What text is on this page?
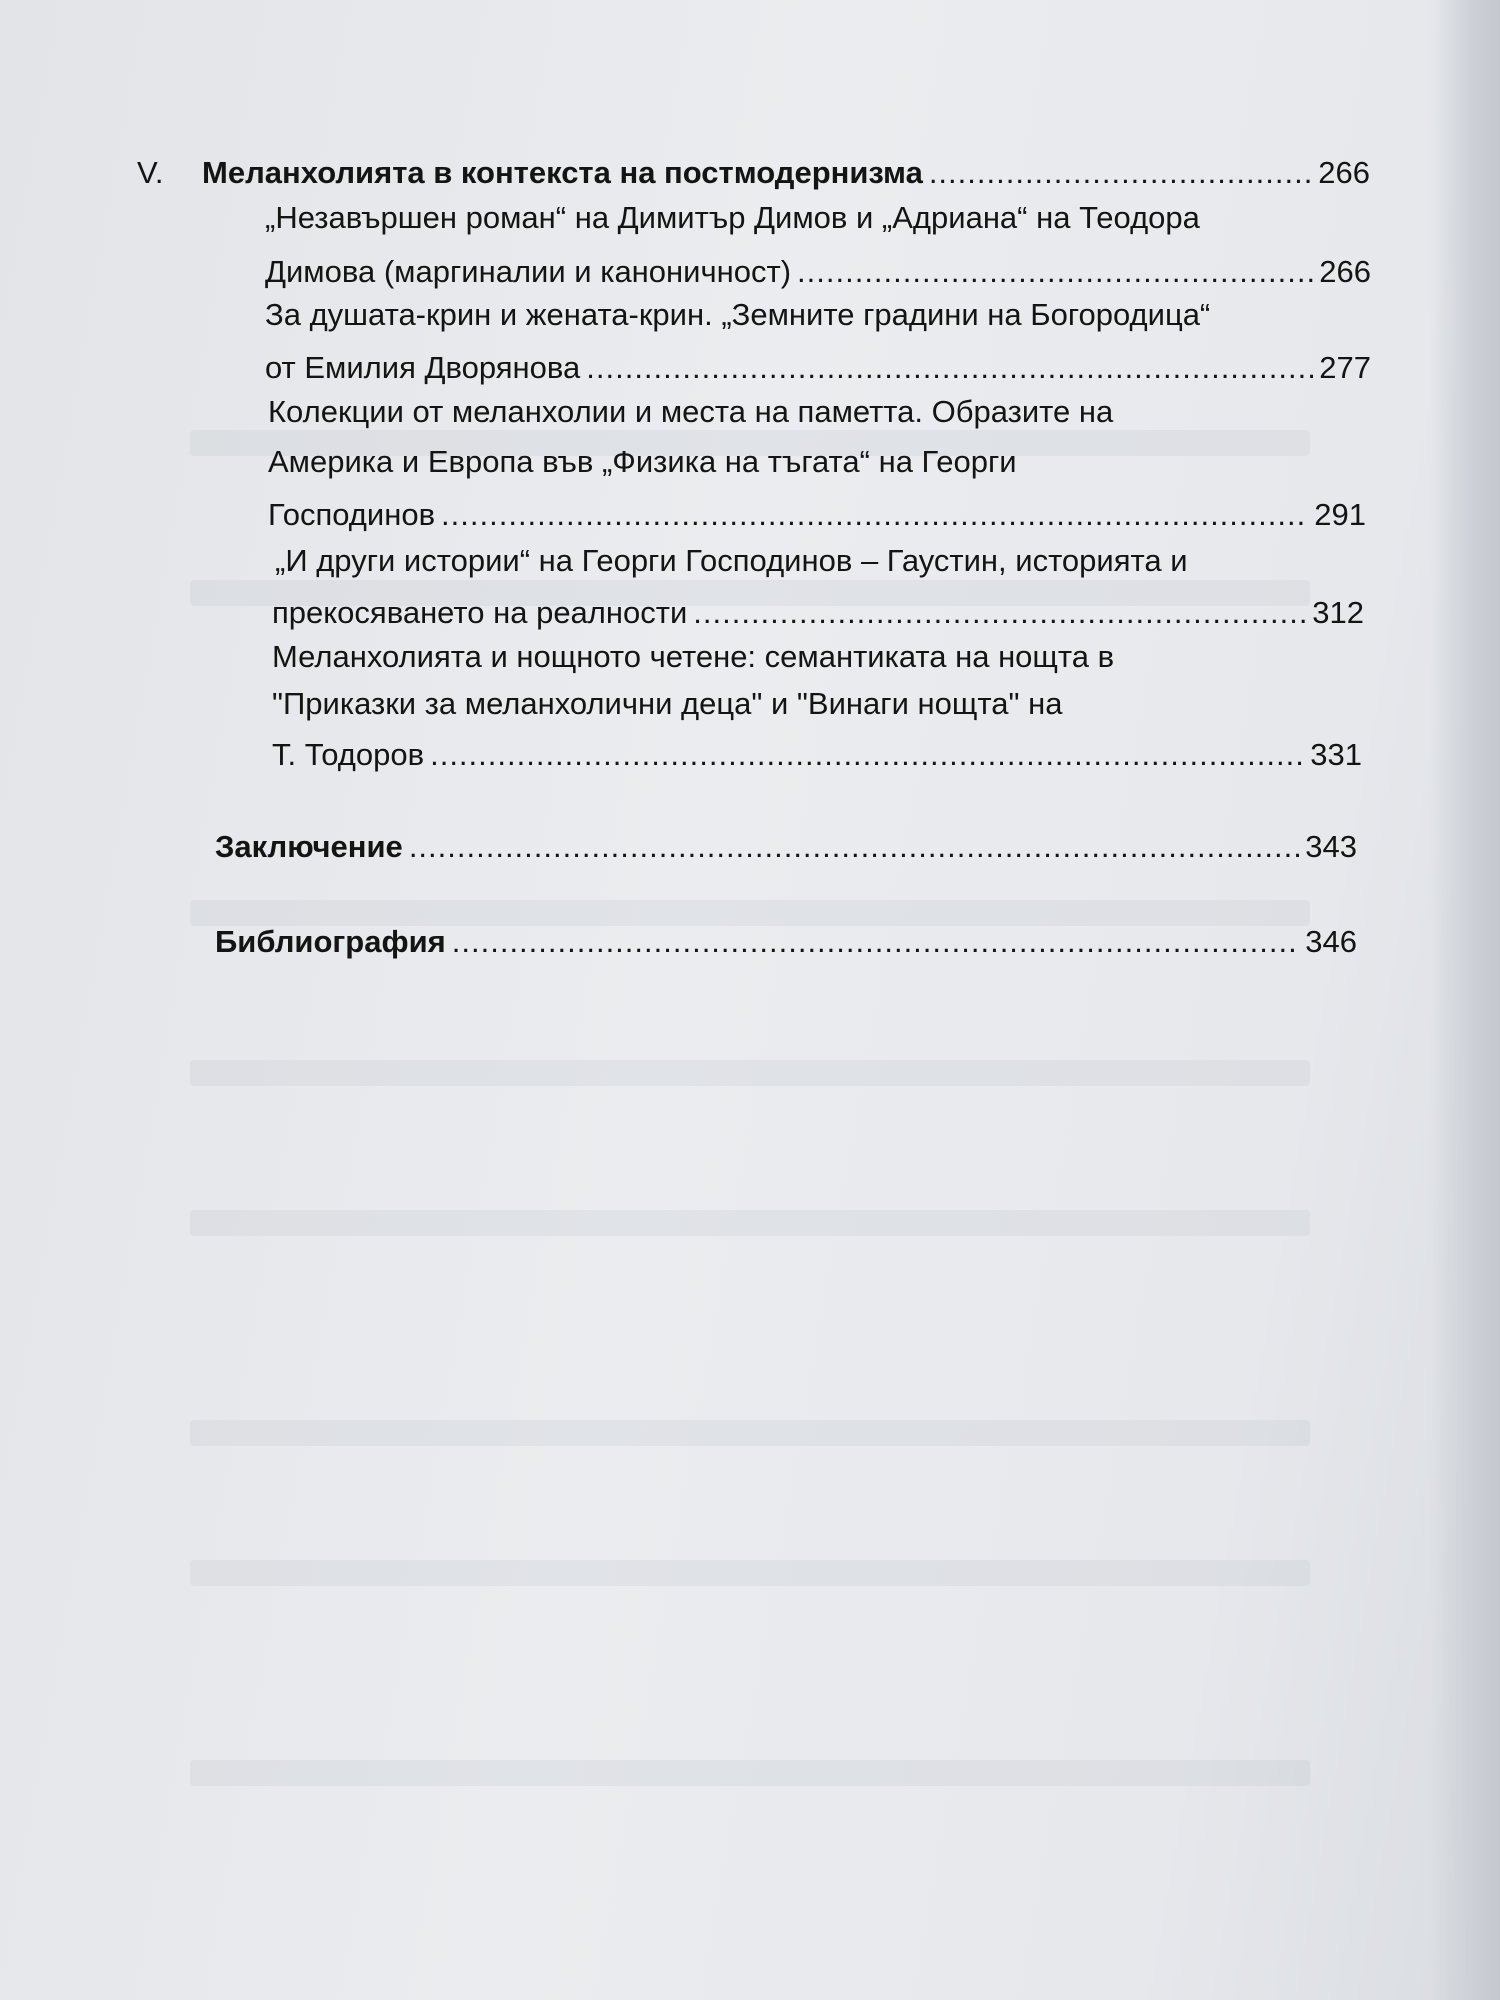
V. Меланхолията в контекста на постмодернизма .....	266
„Незавършен роман“ на Димитър Димов и „Адриана“ на Теодора
Димова (маргиналии и каноничност) .....	266
За душата-крин и жената-крин. „Земните градини на Богородица“
от Емилия Дворянова .....	277
Колекции от меланхолии и места на паметта. Образите на
Америка и Европа във „Физика на тъгата“ на Георги
Господинов .....	291
„И други истории“ на Георги Господинов – Гаустин, историята и
прекосяването на реалности .....	312
Меланхолията и нощното четене: семантиката на нощта в
"Приказки за меланхолични деца" и "Винаги нощта" на
Т. Тодоров .....	331
Заключение .....	343
Библиография .....	346
